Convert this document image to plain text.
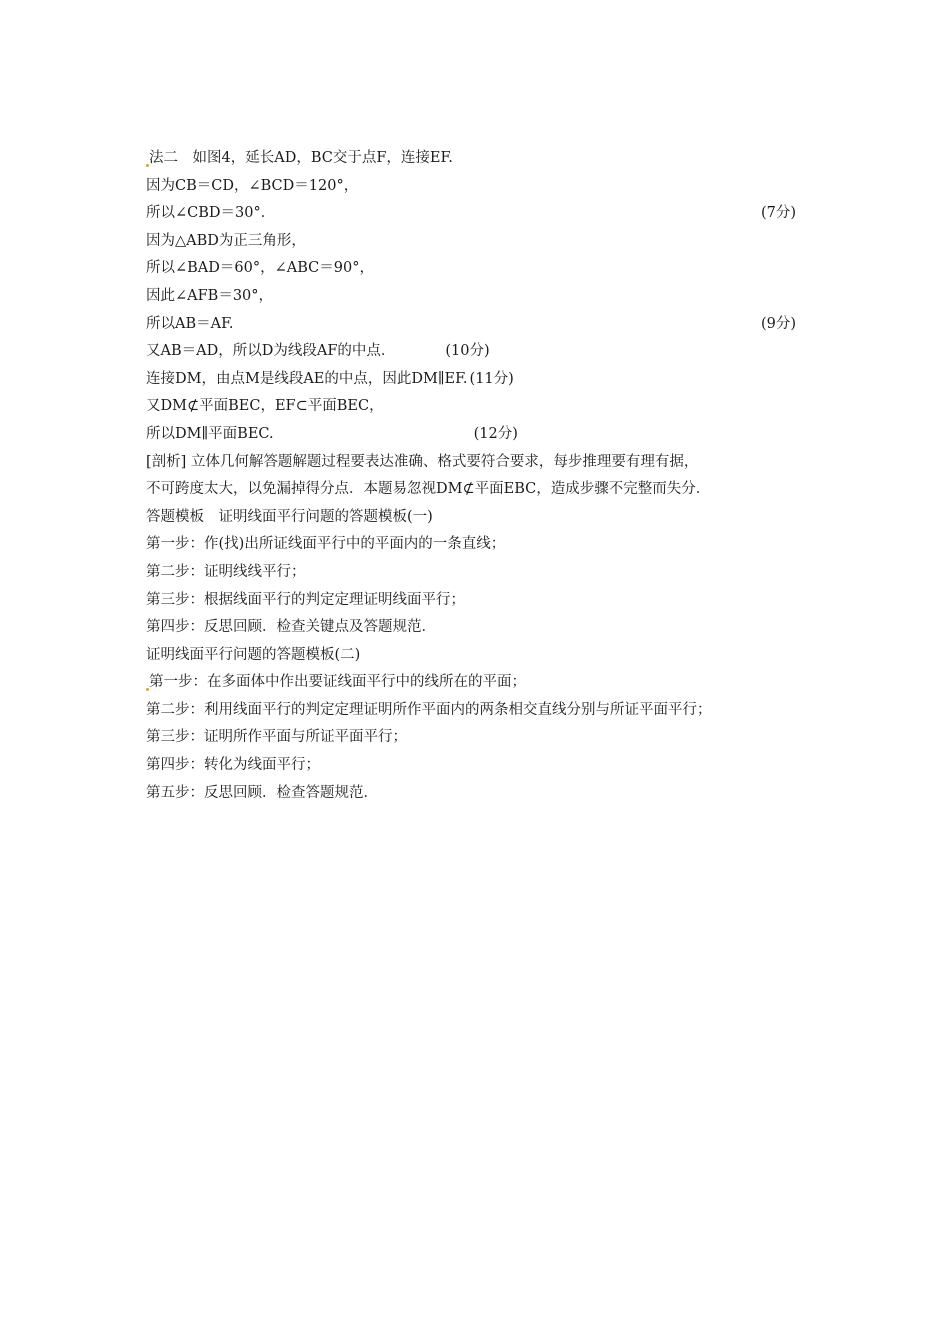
法二　如图4，延长AD，BC交于点F，连接EF.
因为CB＝CD，∠BCD＝120°，
所以∠CBD＝30°．	(7分)
因为△ABD为正三角形，
所以∠BAD＝60°，∠ABC＝90°，
因此∠AFB＝30°，
所以AB＝AF.	(9分)
又AB＝AD，所以D为线段AF的中点．	(10分)
连接DM，由点M是线段AE的中点，因此DM∥EF. (11分)
又DM⊄平面BEC，EF⊂平面BEC，
所以DM∥平面BEC.	(12分)
[剖析] 立体几何解答题解题过程要表达准确、格式要符合要求，每步推理要有理有据，
不可跨度太大，以免漏掉得分点．本题易忽视DM⊄平面EBC，造成步骤不完整而失分．
答题模板　证明线面平行问题的答题模板(一)
第一步：作(找)出所证线面平行中的平面内的一条直线；
第二步：证明线线平行；
第三步：根据线面平行的判定定理证明线面平行；
第四步：反思回顾．检查关键点及答题规范．
证明线面平行问题的答题模板(二)
第一步：在多面体中作出要证线面平行中的线所在的平面；
第二步：利用线面平行的判定定理证明所作平面内的两条相交直线分别与所证平面平行；
第三步：证明所作平面与所证平面平行；
第四步：转化为线面平行；
第五步：反思回顾．检查答题规范．
